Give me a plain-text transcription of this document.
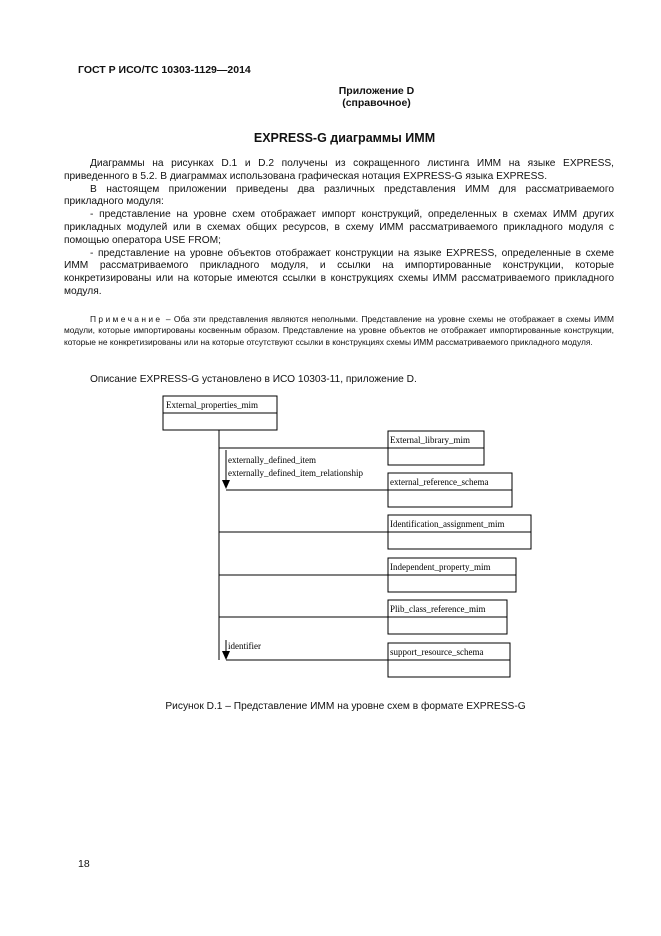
ГОСТ Р ИСО/ТС 10303-1129—2014
Приложение D
(справочное)
EXPRESS-G диаграммы ИММ

Диаграммы на рисунках D.1 и D.2 получены из сокращенного листинга ИММ на языке EXPRESS, приведенного в 5.2. В диаграммах использована графическая нотация EXPRESS-G языка EXPRESS.

В настоящем приложении приведены два различных представления ИММ для рассматриваемого прикладного модуля:

- представление на уровне схем отображает импорт конструкций, определенных в схемах ИММ других прикладных модулей или в схемах общих ресурсов, в схему ИММ рассматриваемого прикладного модуля с помощью оператора USE FROM;

- представление на уровне объектов отображает конструкции на языке EXPRESS, определенные в схеме ИММ рассматриваемого прикладного модуля, и ссылки на импортированные конструкции, которые конкретизированы или на которые имеются ссылки в конструкциях схемы ИММ рассматриваемого прикладного модуля.

Примечание – Оба эти представления являются неполными. Представление на уровне схемы не отображает в схемы ИММ модули, которые импортированы косвенным образом. Представление на уровне объектов не отображает импортированные конструкции, которые не конкретизированы или на которые отсутствуют ссылки в конструкциях схемы ИММ рассматриваемого прикладного модуля.

Описание EXPRESS-G установлено в ИСО 10303-11, приложение D.
External_properties_mim
externally_defined_item
externally_defined_item_relationship
identifier
External_library_mim
external_reference_schema
Identification_assignment_mim
Independent_property_mim
Plib_class_reference_mim
support_resource_schema
Рисунок D.1 – Представление ИММ на уровне схем в формате EXPRESS-G
18
